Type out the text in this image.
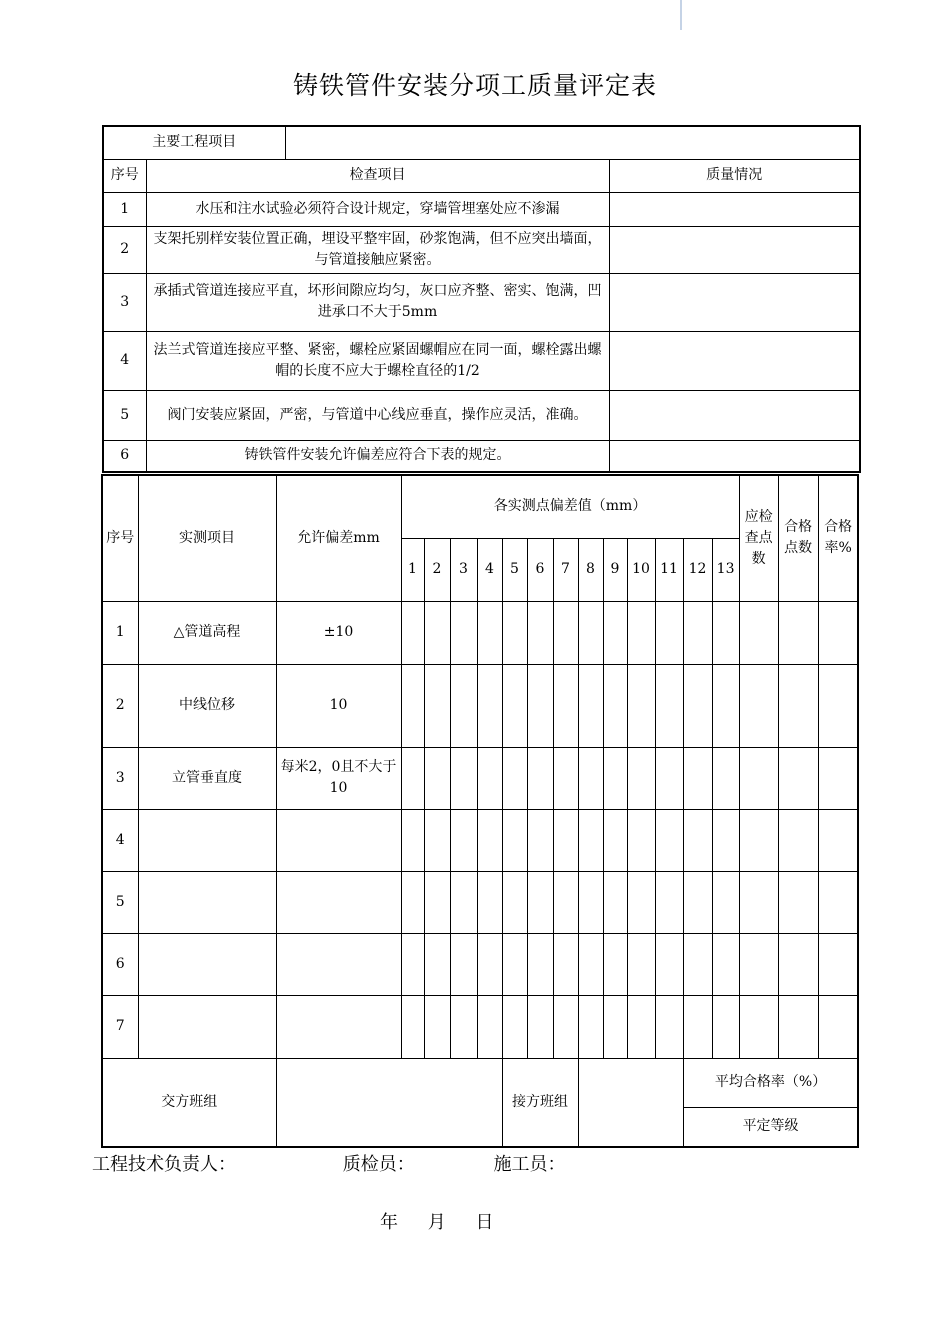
铸铁管件安装分项工质量评定表
主要工程项目			
序号	检查项目		质量情况
1	水压和注水试验必须符合设计规定，穿墙管埋塞处应不渗漏		
2	支架托别样安装位置正确，埋设平整牢固，砂浆饱满，但不应突出墙面，与管道接触应紧密。		
3	承插式管道连接应平直，坏形间隙应均匀，灰口应齐整、密实、饱满，凹进承口不大于5mm		
4	法兰式管道连接应平整、紧密，螺栓应紧固螺帽应在同一面，螺栓露出螺帽的长度不应大于螺栓直径的1/2		
5	阀门安装应紧固，严密，与管道中心线应垂直，操作应灵活，准确。		
6	铸铁管件安装允许偏差应符合下表的规定。		
序号	实测项目	允许偏差mm	各实测点偏差值（mm）													应检查点数	合格点数	合格率%	
			1	2	3	4	5	6	7	8	9	10	11	12	13				
1	△管道高程	±10																	
2	中线位移	10																	
3	立管垂直度	每米2，0且不大于10																	
4																			
5																			
6																			
7																			
交方班组							接方班组							平均合格率（%）					
														平定等级					
工程技术负责人：	质检员：	施工员：
年 月 日
